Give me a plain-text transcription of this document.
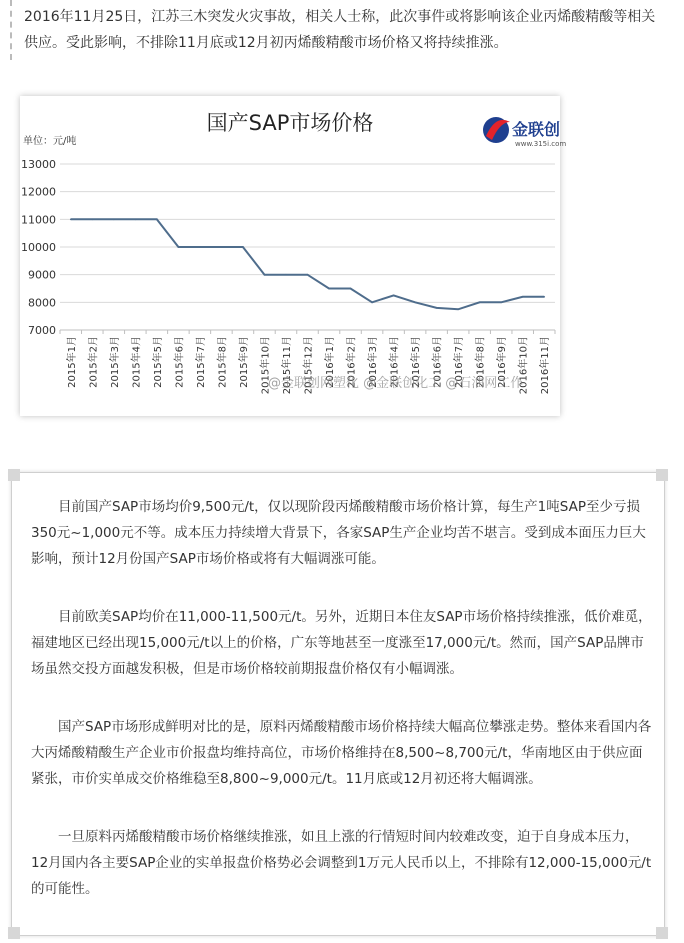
2016年11月25日，江苏三木突发火灾事故，相关人士称，此次事件或将影响该企业丙烯酸精酸等相关供应。受此影响，不排除11月底或12月初丙烯酸精酸市场价格又将持续推涨。

国产SAP市场价格
单位：元/吨
金联创
www.315i.com
7000
8000
9000
10000
11000
12000
13000
2015年1月 2015年2月 2015年3月 2015年4月 2015年5月 2015年6月 2015年7月 2015年8月 2015年9月 2015年10月 2015年11月 2015年12月 2016年1月 2016年2月 2016年3月 2016年4月 2016年5月 2016年6月 2016年7月 2016年8月 2016年9月 2016年10月 2016年11月
@金联创网塑化 @金联创化工 @石油网工作

目前国产SAP市场均价9,500元/t，仅以现阶段丙烯酸精酸市场价格计算，每生产1吨SAP至少亏损350元~1,000元不等。成本压力持续增大背景下，各家SAP生产企业均苦不堪言。受到成本面压力巨大影响，预计12月份国产SAP市场价格或将有大幅调涨可能。

目前欧美SAP均价在11,000-11,500元/t。另外，近期日本住友SAP市场价格持续推涨，低价难觅，福建地区已经出现15,000元/t以上的价格，广东等地甚至一度涨至17,000元/t。然而，国产SAP品牌市场虽然交投方面越发积极，但是市场价格较前期报盘价格仅有小幅调涨。

国产SAP市场形成鲜明对比的是，原料丙烯酸精酸市场价格持续大幅高位攀涨走势。整体来看国内各大丙烯酸精酸生产企业市价报盘均维持高位，市场价格维持在8,500~8,700元/t，华南地区由于供应面紧张，市价实单成交价格维稳至8,800~9,000元/t。11月底或12月初还将大幅调涨。

一旦原料丙烯酸精酸市场价格继续推涨，如且上涨的行情短时间内较难改变，迫于自身成本压力，12月国内各主要SAP企业的实单报盘价格势必会调整到1万元人民币以上，不排除有12,000-15,000元/t的可能性。
